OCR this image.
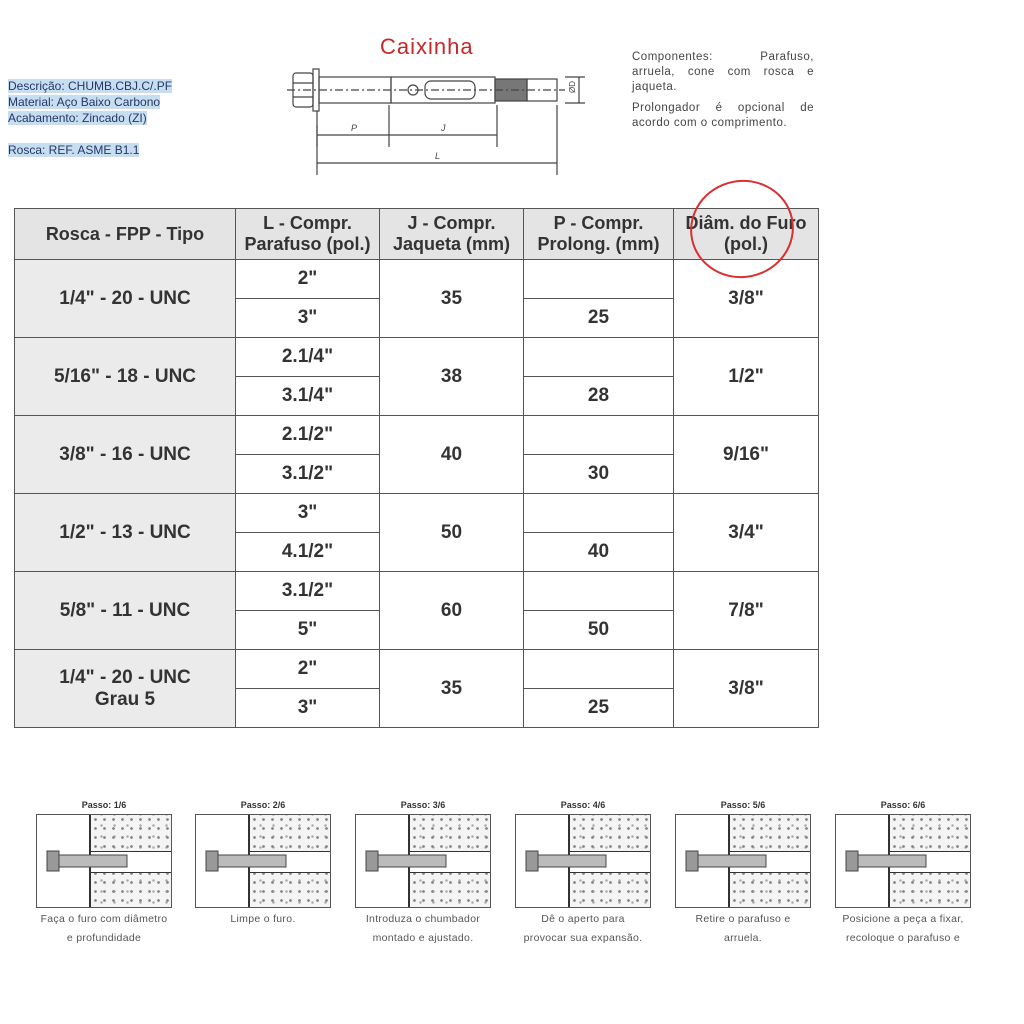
Descrição: CHUMB.CBJ.C/.PF
Material: Aço Baixo Carbono
Acabamento: Zincado (ZI)
Rosca: REF. ASME B1.1
Caixinha	Componentes: Parafuso, arruela, cone com rosca e jaqueta.

Prolongador é opcional de acordo com o comprimento.

P	J
L
ØD
Rosca - FPP - Tipo	L - Compr. Parafuso (pol.)	J - Compr. Jaqueta (mm)	P - Compr. Prolong. (mm)	Diâm. do Furo (pol.)
1/4" - 20 - UNC	2"	35		3/8"
	3"		25	
5/16" - 18 - UNC	2.1/4"	38		1/2"
	3.1/4"		28	
3/8" - 16 - UNC	2.1/2"	40		9/16"
	3.1/2"		30	
1/2" - 13 - UNC	3"	50		3/4"
	4.1/2"		40	
5/8" - 11 - UNC	3.1/2"	60		7/8"
	5"		50	
1/4" - 20 - UNC
Grau 5	2"	35		3/8"
	3"		25	
Passo: 1/6
Faça o furo com diâmetro
e profundidade
Passo: 2/6
Limpe o furo.
Passo: 3/6
Introduza o chumbador
montado e ajustado.
Passo: 4/6
Dê o aperto para
provocar sua expansão.
Passo: 5/6
Retire o parafuso e
arruela.
Passo: 6/6
Posicione a peça a fixar,
recoloque o parafuso e
